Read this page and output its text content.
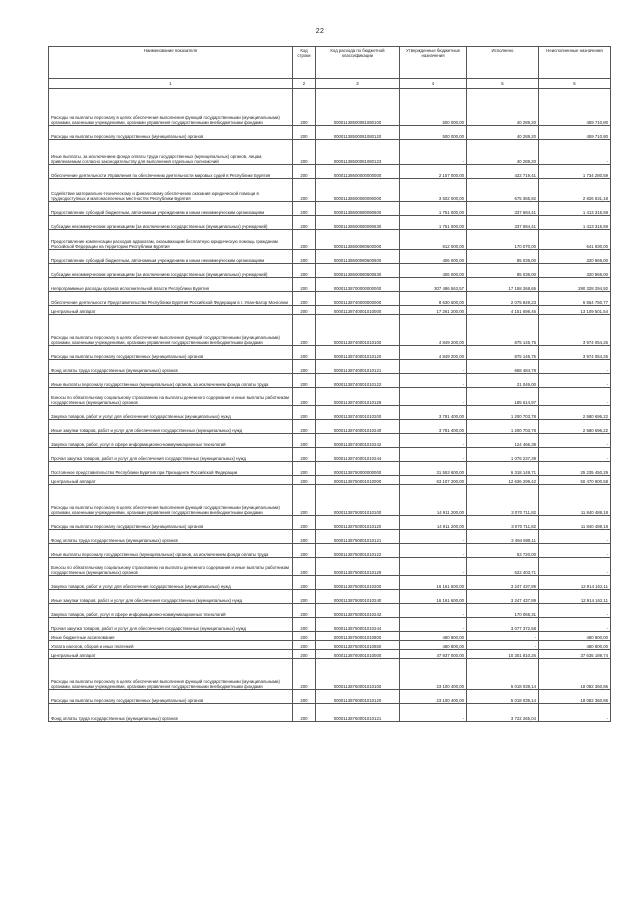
22
Наименование показателя	Код строки	Код расхода по бюджетной классификации	Утвержденные бюджетные назначения	Исполнено	Неисполненные назначения
1	2	3	4	5	6
Расходы на выплаты персоналу в целях обеспечения выполнения функций государственными (муниципальными) органами, казенными учреждениями, органами управления государственными внебюджетными фондами	200	00001138500081080100	500 000,00	40 289,20	459 710,80
Расходы на выплаты персоналу государственных (муниципальных) органов	200	00001138500081080120	500 000,00	40 289,20	459 710,80
Иные выплаты, за исключением фонда оплаты труда государственных (муниципальных) органов, лицам, привлекаемым согласно законодательству для выполнения отдельных полномочий	200	00001138500081080123	-	40 289,20	-
Обеспечение деятельности Управления по обеспечению деятельности мировых судей в Республике Бурятия	200	00001138600000000000	2 157 000,00	422 719,41	1 734 280,59
Содействие материально-техническому и финансовому обеспечению оказания юридической помощи в труднодоступных и малонаселенных местностях Республики Бурятия	200	00001138600080090000	3 502 000,00	675 365,82	2 826 631,18
Предоставление субсидий бюджетным, автономным учреждениям и иным некоммерческим организациям	200	00001138600080090600	1 751 000,00	337 684,41	1 413 315,59
Субсидии некоммерческим организациям (за исключением государственных (муниципальных) учреждений)	200	00001138600080090630	1 751 000,00	337 684,41	1 413 315,59
Предоставление компенсации расходов адвокатам, оказывающим бесплатную юридическую помощь гражданам Российской Федерации на территории Республики Бурятия	200	00001138600080600000	812 000,00	170 070,00	641 930,00
Предоставление субсидий бюджетным, автономным учреждениям и иным некоммерческим организациям	200	00001138600080600600	406 000,00	85 035,00	320 965,00
Субсидии некоммерческим организациям (за исключением государственных (муниципальных) учреждений)	200	00001138600080600630	406 000,00	85 035,00	320 965,00
Непрограммные расходы органов исполнительной власти Республики Бурятия	200	00001138700000000000	307 486 563,57	17 158 268,65	290 328 294,92
Обеспечение деятельности Представительства Республики Бурятия Российской Федерации в г. Улан-Батор Монголии	200	00001138740000000000	8 630 600,00	2 075 849,23	6 554 750,77
Центральный аппарат	200	00001138740001010000	17 261 200,00	4 151 698,46	13 109 501,54
Расходы на выплаты персоналу в целях обеспечения выполнения функций государственными (муниципальными) органами, казенными учреждениями, органами управления государственными внебюджетными фондами	200	00001138740001010100	4 849 200,00	875 145,75	3 974 054,25
Расходы на выплаты персоналу государственных (муниципальных) органов	200	00001138740001010120	4 849 200,00	875 145,75	3 974 054,25
Фонд оплаты труда государственных (муниципальных) органов	200	00001138740001010121	-	668 484,78	-
Иные выплаты персоналу государственных (муниципальных) органов, за исключением фонда оплаты труда	200	00001138740001010122	-	21 046,00	-
Взносы по обязательному социальному страхованию на выплаты денежного содержания и иные выплаты работникам государственных (муниципальных) органов	200	00001138740001010129	-	185 614,97	-
Закупка товаров, работ и услуг для обеспечения государственных (муниципальных) нужд	200	00001138740001010200	3 781 400,00	1 200 703,78	2 580 696,22
Иные закупки товаров, работ и услуг для обеспечения государственных (муниципальных) нужд	200	00001138740001010240	3 781 400,00	1 200 703,78	2 580 696,22
Закупка товаров, работ, услуг в сфере информационно-коммуникационных технологий	200	00001138740001010242	-	124 466,39	-
Прочая закупка товаров, работ и услуг для обеспечения государственных (муниципальных) нужд	200	00001138740001010244	-	1 076 237,39	-
Постоянное представительство Республики Бурятия при Президенте Российской Федерации	200	00001138750000000000	31 553 600,00	6 318 149,71	25 235 450,29
Центральный аппарат	200	00001138750001010000	63 107 200,00	12 636 299,42	50 470 900,58
Расходы на выплаты персоналу в целях обеспечения выполнения функций государственными (муниципальными) органами, казенными учреждениями, органами управления государственными внебюджетными фондами	200	00001138750001010100	14 911 200,00	3 070 711,82	11 840 488,18
Расходы на выплаты персоналу государственных (муниципальных) органов	200	00001138750001010120	14 911 200,00	3 070 711,82	11 840 488,18
Фонд оплаты труда государственных (муниципальных) органов	200	00001138750001010121	-	2 494 588,11	-
Иные выплаты персоналу государственных (муниципальных) органов, за исключением фонда оплаты труда	200	00001138750001010122	-	53 720,00	-
Взносы по обязательному социальному страхованию на выплаты денежного содержания и иные выплаты работникам государственных (муниципальных) органов	200	00001138750001010129	-	522 403,71	-
Закупка товаров, работ и услуг для обеспечения государственных (муниципальных) нужд	200	00001138750001010200	16 161 600,00	3 247 437,89	12 914 162,11
Иные закупки товаров, работ и услуг для обеспечения государственных (муниципальных) нужд	200	00001138750001010240	16 161 600,00	3 247 437,89	12 914 162,11
Закупка товаров, работ, услуг в сфере информационно-коммуникационных технологий	200	00001138750001010242	-	170 065,31	-
Прочая закупка товаров, работ и услуг для обеспечения государственных (муниципальных) нужд	200	00001138750001010244	-	3 077 372,58	-
Иные бюджетные ассигнования	200	00001138750001010800	480 800,00	-	480 800,00
Уплата налогов, сборов и иных платежей	200	00001138750001010850	480 800,00	-	480 800,00
Центральный аппарат	200	00001138760001010000	47 937 000,00	10 301 810,26	37 635 189,74
Расходы на выплаты персоналу в целях обеспечения выполнения функций государственными (муниципальными) органами, казенными учреждениями, органами управления государственными внебюджетными фондами	200	00001138760001010100	23 100 400,00	5 018 039,14	18 082 360,86
Расходы на выплаты персоналу государственных (муниципальных) органов	200	00001138760001010120	23 100 400,00	5 018 039,14	18 082 360,86
Фонд оплаты труда государственных (муниципальных) органов	200	00001138760001010121	-	3 722 265,04	-
